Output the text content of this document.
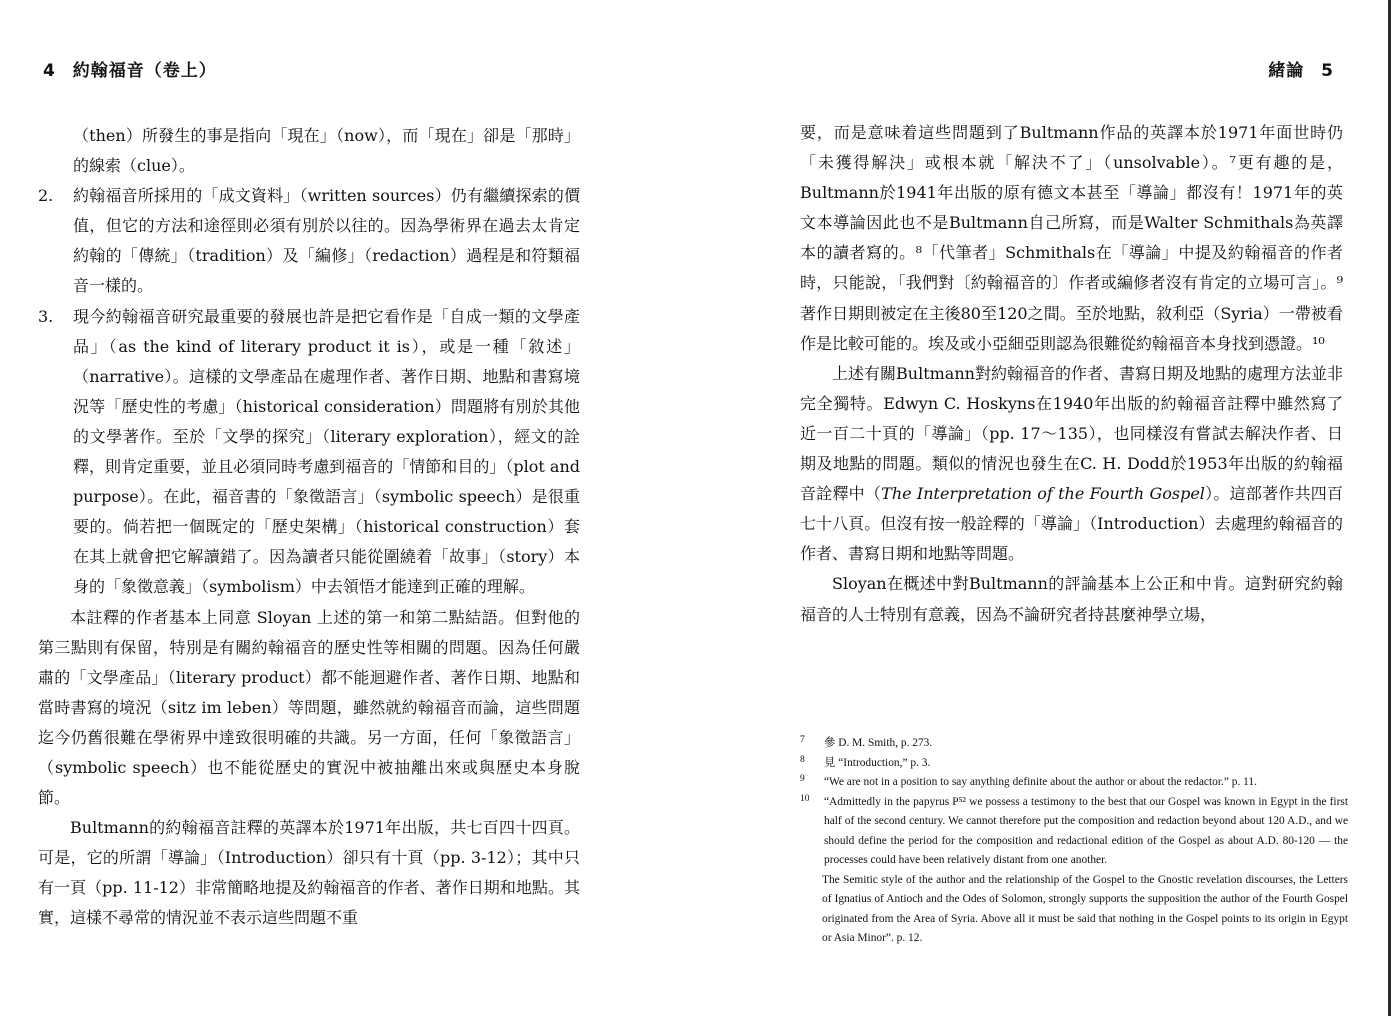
4 約翰福音（卷上）

（then）所發生的事是指向「現在」（now），而「現在」卻是「那時」的線索（clue）。

2.	約翰福音所採用的「成文資料」（written sources）仍有繼續探索的價值，但它的方法和途徑則必須有別於以往的。因為學術界在過去太肯定約翰的「傳統」（tradition）及「編修」（redaction）過程是和符類福音一樣的。
3.	現今約翰福音研究最重要的發展也許是把它看作是「自成一類的文學產品」（as the kind of literary product it is），或是一種「敘述」（narrative）。這樣的文學產品在處理作者、著作日期、地點和書寫境況等「歷史性的考慮」（historical consideration）問題將有別於其他的文學著作。至於「文學的探究」（literary exploration），經文的詮釋，則肯定重要，並且必須同時考慮到福音的「情節和目的」（plot and purpose）。在此，福音書的「象徵語言」（symbolic speech）是很重要的。倘若把一個既定的「歷史架構」（historical construction）套在其上就會把它解讀錯了。因為讀者只能從圍繞着「故事」（story）本身的「象徵意義」（symbolism）中去領悟才能達到正確的理解。

本註釋的作者基本上同意 Sloyan 上述的第一和第二點結語。但對他的第三點則有保留，特別是有關約翰福音的歷史性等相關的問題。因為任何嚴肅的「文學產品」（literary product）都不能迴避作者、著作日期、地點和當時書寫的境況（sitz im leben）等問題，雖然就約翰福音而論，這些問題迄今仍舊很難在學術界中達致很明確的共識。另一方面，任何「象徵語言」（symbolic speech）也不能從歷史的實況中被抽離出來或與歷史本身脫節。

Bultmann的約翰福音註釋的英譯本於1971年出版，共七百四十四頁。可是，它的所謂「導論」（Introduction）卻只有十頁（pp. 3-12）；其中只有一頁（pp. 11-12）非常簡略地提及約翰福音的作者、著作日期和地點。其實，這樣不尋常的情況並不表示這些問題不重

緒論 5

要，而是意味着這些問題到了Bultmann作品的英譯本於1971年面世時仍「未獲得解決」或根本就「解決不了」（unsolvable）。⁷更有趣的是，Bultmann於1941年出版的原有德文本甚至「導論」都沒有！1971年的英文本導論因此也不是Bultmann自己所寫，而是Walter Schmithals為英譯本的讀者寫的。⁸「代筆者」Schmithals在「導論」中提及約翰福音的作者時，只能說，「我們對〔約翰福音的〕作者或編修者沒有肯定的立場可言」。⁹著作日期則被定在主後80至120之間。至於地點，敘利亞（Syria）一帶被看作是比較可能的。埃及或小亞細亞則認為很難從約翰福音本身找到憑證。¹⁰

上述有關Bultmann對約翰福音的作者、書寫日期及地點的處理方法並非完全獨特。Edwyn C. Hoskyns在1940年出版的約翰福音註釋中雖然寫了近一百二十頁的「導論」（pp. 17～135），也同樣沒有嘗試去解決作者、日期及地點的問題。類似的情況也發生在C. H. Dodd於1953年出版的約翰福音詮釋中（The Interpretation of the Fourth Gospel）。這部著作共四百七十八頁。但沒有按一般詮釋的「導論」（Introduction）去處理約翰福音的作者、書寫日期和地點等問題。

Sloyan在概述中對Bultmann的評論基本上公正和中肯。這對研究約翰福音的人士特別有意義，因為不論研究者持甚麼神學立場，

7	參 D. M. Smith, p. 273.
8	見 “Introduction,” p. 3.
9	“We are not in a position to say anything definite about the author or about the redactor.” p. 11.
10	“Admittedly in the papyrus P⁵² we possess a testimony to the best that our Gospel was known in Egypt in the first half of the second century. We cannot therefore put the composition and redaction beyond about 120 A.D., and we should define the period for the composition and redactional edition of the Gospel as about A.D. 80-120 — the processes could have been relatively distant from one another.
The Semitic style of the author and the relationship of the Gospel to the Gnostic revelation discourses, the Letters of Ignatius of Antioch and the Odes of Solomon, strongly supports the supposition the author of the Fourth Gospel originated from the Area of Syria. Above all it must be said that nothing in the Gospel points to its origin in Egypt or Asia Minor”. p. 12.
